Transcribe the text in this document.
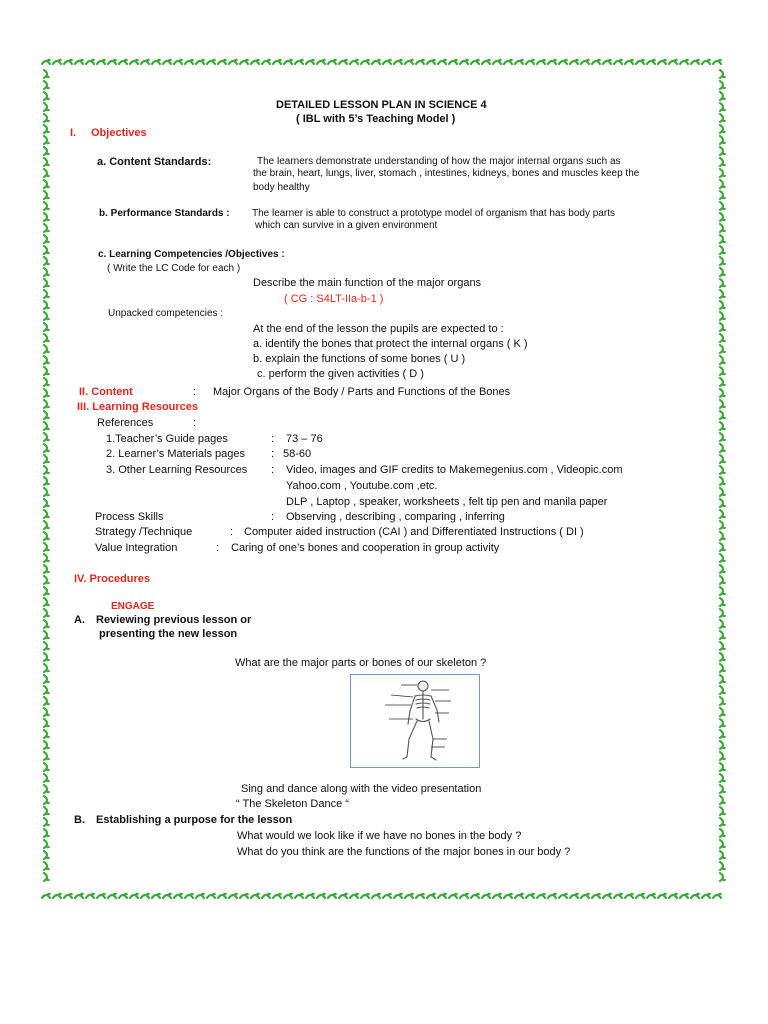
DETAILED LESSON PLAN IN SCIENCE 4
( IBL with 5’s Teaching Model )
I. Objectives
a. Content Standards:	The learners demonstrate understanding of how the major internal organs such as
the brain, heart, lungs, liver, stomach , intestines, kidneys, bones and muscles keep the
body healthy
b. Performance Standards : The learner is able to construct a prototype model of organism that has body parts
which can survive in a given environment
c. Learning Competencies /Objectives :
( Write the LC Code for each )
Describe the main function of the major organs
( CG : S4LT-IIa-b-1 )
Unpacked competencies :
At the end of the lesson the pupils are expected to :
a. identify the bones that protect the internal organs ( K )
b. explain the functions of some bones ( U )
c. perform the given activities ( D )
II. Content	: Major Organs of the Body / Parts and Functions of the Bones
III. Learning Resources
References	:
1.Teacher’s Guide pages	: 73 – 76
2. Learner’s Materials pages : 58-60
3. Other Learning Resources : Video, images and GIF credits to Makemegenius.com , Videopic.com
Yahoo.com , Youtube.com ,etc.
DLP , Laptop , speaker, worksheets , felt tip pen and manila paper
Process Skills	: Observing , describing , comparing , inferring
Strategy /Technique	: Computer aided instruction (CAI ) and Differentiated Instructions ( DI )
Value Integration	: Caring of one’s bones and cooperation in group activity
IV. Procedures
ENGAGE
A. Reviewing previous lesson or
presenting the new lesson
What are the major parts or bones of our skeleton ?
Sing and dance along with the video presentation
“ The Skeleton Dance “
B. Establishing a purpose for the lesson
What would we look like if we have no bones in the body ?
What do you think are the functions of the major bones in our body ?
